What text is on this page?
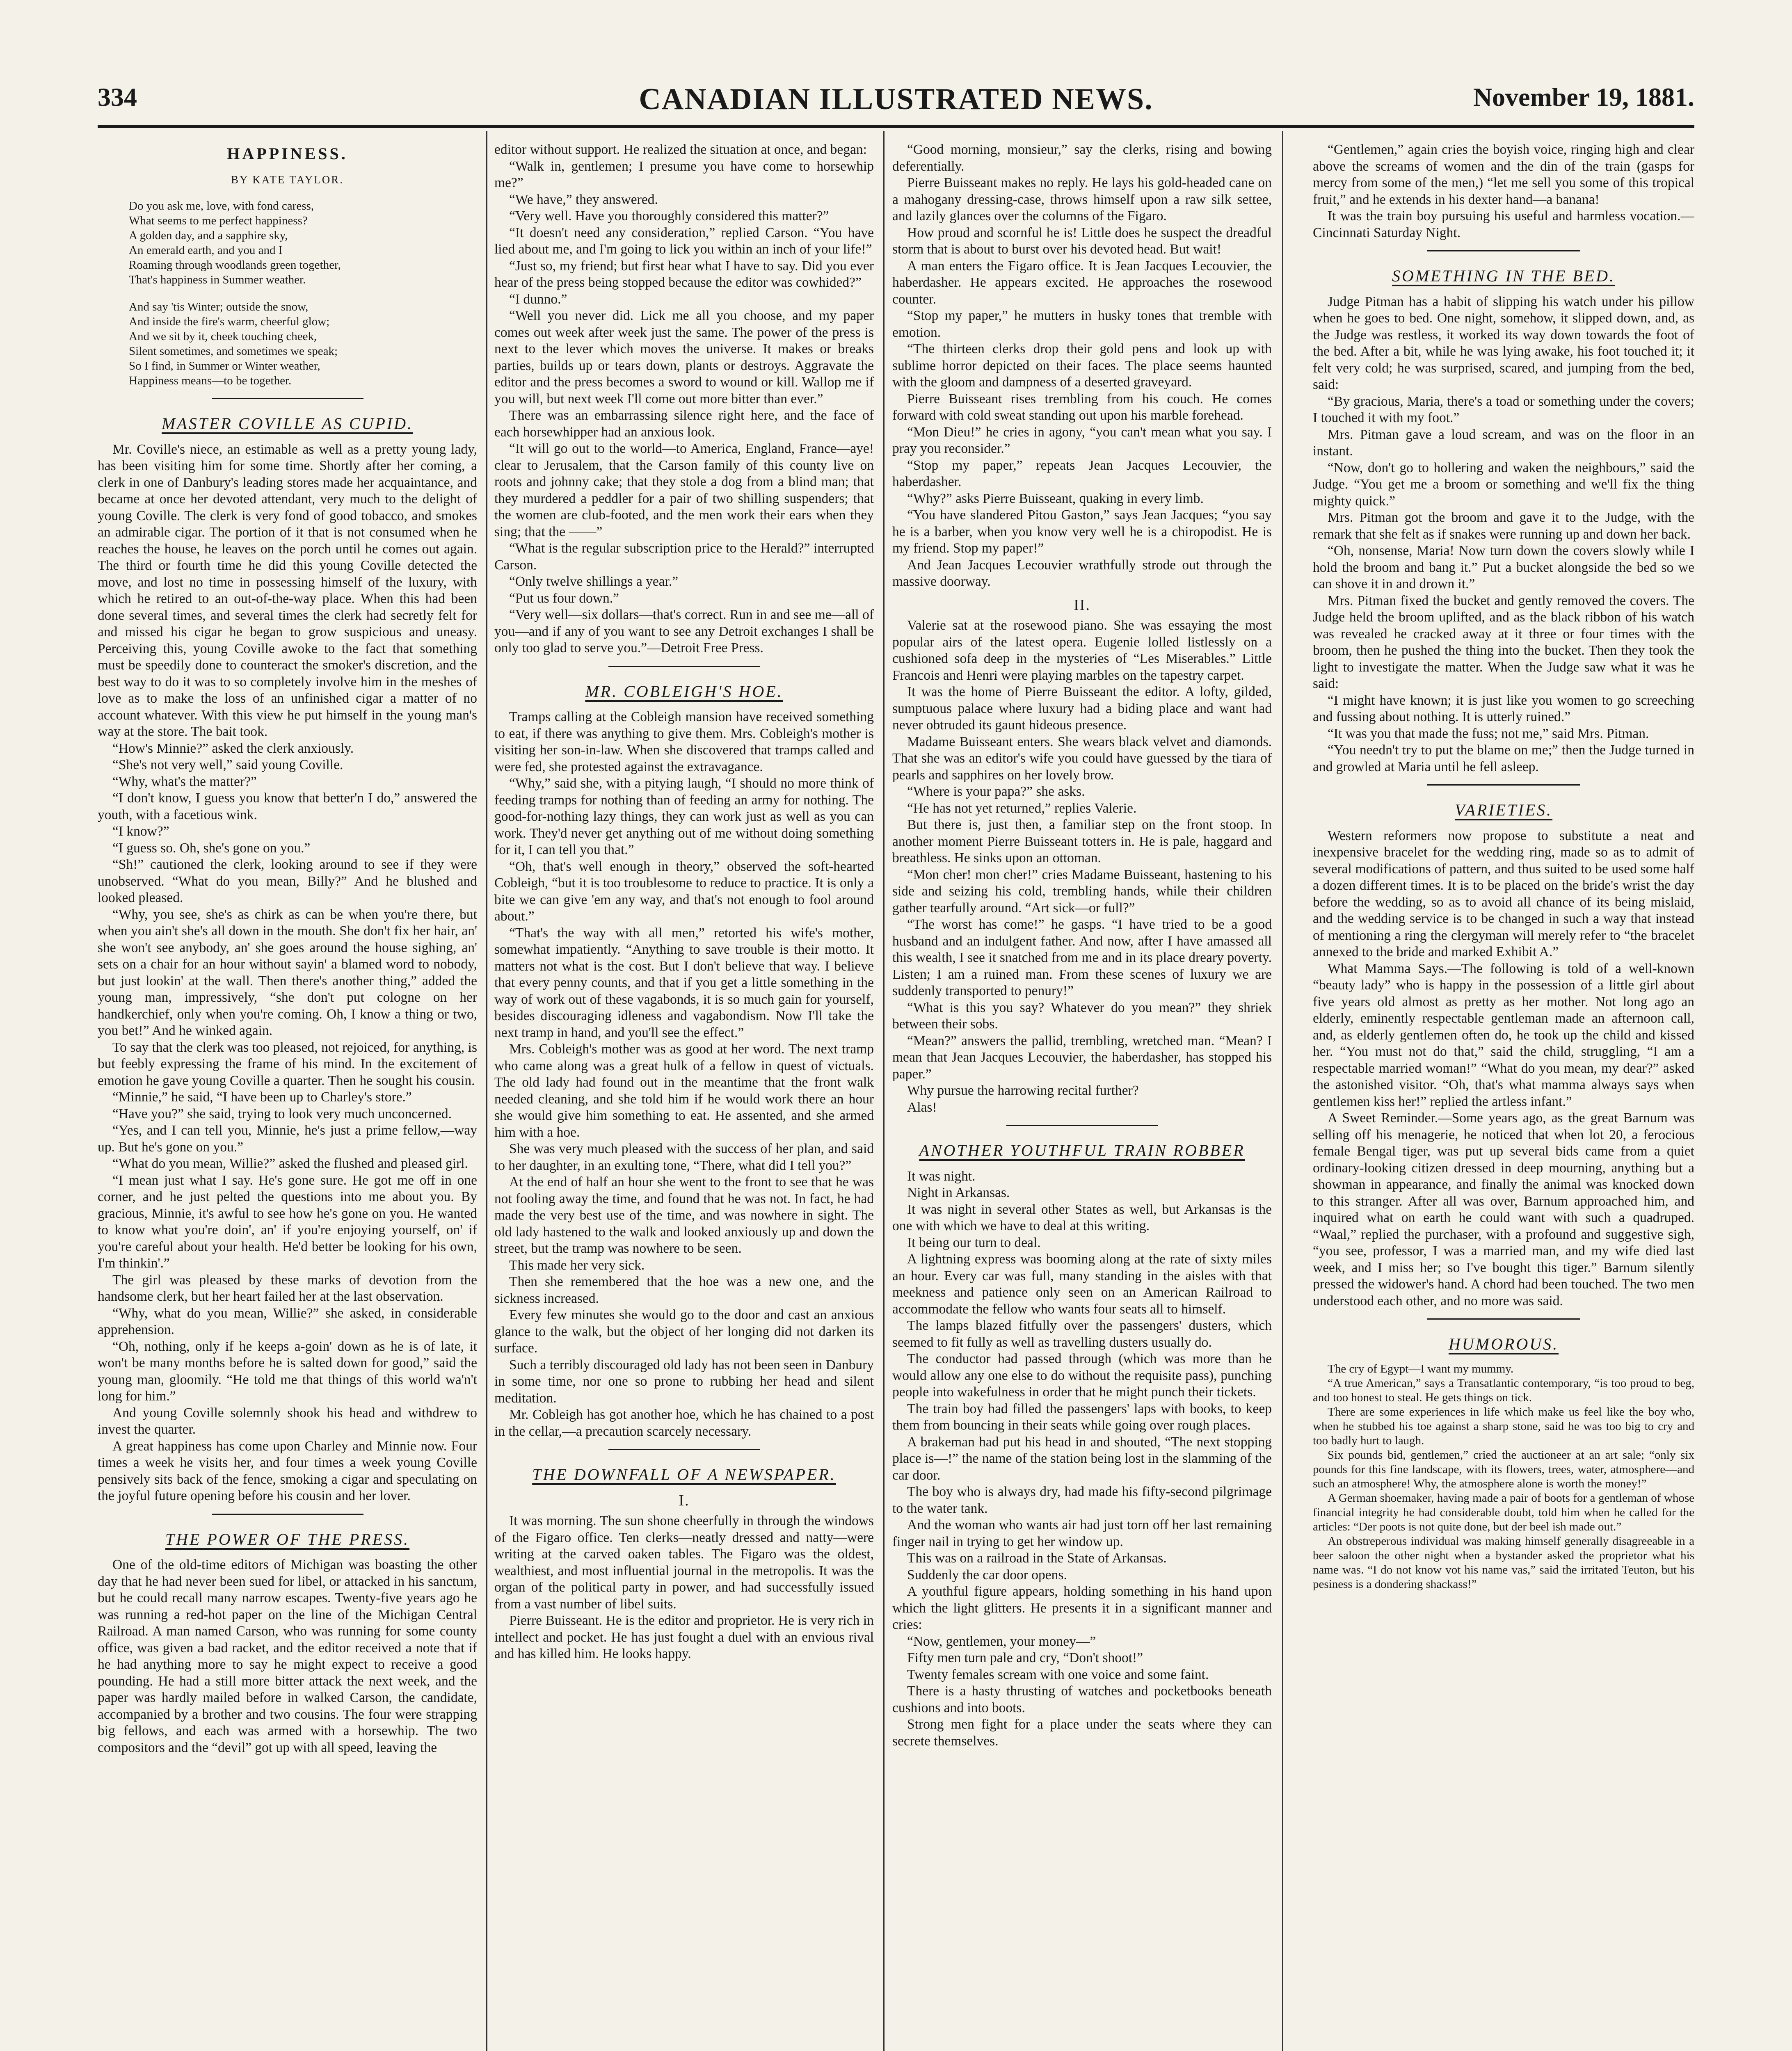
334	CANADIAN ILLUSTRATED NEWS.	November 19, 1881.
HAPPINESS.
BY KATE TAYLOR.

Do you ask me, love, with fond caress,

What seems to me perfect happiness?

A golden day, and a sapphire sky,

An emerald earth, and you and I

Roaming through woodlands green together,

That's happiness in Summer weather.

And say 'tis Winter; outside the snow,

And inside the fire's warm, cheerful glow;

And we sit by it, cheek touching cheek,

Silent sometimes, and sometimes we speak;

So I find, in Summer or Winter weather,

Happiness means—to be together.

MASTER COVILLE AS CUPID.

Mr. Coville's niece, an estimable as well as a pretty young lady, has been visiting him for some time. Shortly after her coming, a clerk in one of Danbury's leading stores made her acquaintance, and became at once her devoted attendant, very much to the delight of young Coville. The clerk is very fond of good tobacco, and smokes an admirable cigar. The portion of it that is not consumed when he reaches the house, he leaves on the porch until he comes out again. The third or fourth time he did this young Coville detected the move, and lost no time in possessing himself of the luxury, with which he retired to an out-of-the-way place. When this had been done several times, and several times the clerk had secretly felt for and missed his cigar he began to grow suspicious and uneasy. Perceiving this, young Coville awoke to the fact that something must be speedily done to counteract the smoker's discretion, and the best way to do it was to so completely involve him in the meshes of love as to make the loss of an unfinished cigar a matter of no account whatever. With this view he put himself in the young man's way at the store. The bait took.

“How's Minnie?” asked the clerk anxiously.

“She's not very well,” said young Coville.

“Why, what's the matter?”

“I don't know, I guess you know that better'n I do,” answered the youth, with a facetious wink.

“I know?”

“I guess so. Oh, she's gone on you.”

“Sh!” cautioned the clerk, looking around to see if they were unobserved. “What do you mean, Billy?” And he blushed and looked pleased.

“Why, you see, she's as chirk as can be when you're there, but when you ain't she's all down in the mouth. She don't fix her hair, an' she won't see anybody, an' she goes around the house sighing, an' sets on a chair for an hour without sayin' a blamed word to nobody, but just lookin' at the wall. Then there's another thing,” added the young man, impressively, “she don't put cologne on her handkerchief, only when you're coming. Oh, I know a thing or two, you bet!” And he winked again.

To say that the clerk was too pleased, not rejoiced, for anything, is but feebly expressing the frame of his mind. In the excitement of emotion he gave young Coville a quarter. Then he sought his cousin.

“Minnie,” he said, “I have been up to Charley's store.”

“Have you?” she said, trying to look very much unconcerned.

“Yes, and I can tell you, Minnie, he's just a prime fellow,—way up. But he's gone on you.”

“What do you mean, Willie?” asked the flushed and pleased girl.

“I mean just what I say. He's gone sure. He got me off in one corner, and he just pelted the questions into me about you. By gracious, Minnie, it's awful to see how he's gone on you. He wanted to know what you're doin', an' if you're enjoying yourself, on' if you're careful about your health. He'd better be looking for his own, I'm thinkin'.”

The girl was pleased by these marks of devotion from the handsome clerk, but her heart failed her at the last observation.

“Why, what do you mean, Willie?” she asked, in considerable apprehension.

“Oh, nothing, only if he keeps a-goin' down as he is of late, it won't be many months before he is salted down for good,” said the young man, gloomily. “He told me that things of this world wa'n't long for him.”

And young Coville solemnly shook his head and withdrew to invest the quarter.

A great happiness has come upon Charley and Minnie now. Four times a week he visits her, and four times a week young Coville pensively sits back of the fence, smoking a cigar and speculating on the joyful future opening before his cousin and her lover.

THE POWER OF THE PRESS.

One of the old-time editors of Michigan was boasting the other day that he had never been sued for libel, or attacked in his sanctum, but he could recall many narrow escapes. Twenty-five years ago he was running a red-hot paper on the line of the Michigan Central Railroad. A man named Carson, who was running for some county office, was given a bad racket, and the editor received a note that if he had anything more to say he might expect to receive a good pounding. He had a still more bitter attack the next week, and the paper was hardly mailed before in walked Carson, the candidate, accompanied by a brother and two cousins. The four were strapping big fellows, and each was armed with a horsewhip. The two compositors and the “devil” got up with all speed, leaving the

editor without support. He realized the situation at once, and began:

“Walk in, gentlemen; I presume you have come to horsewhip me?”

“We have,” they answered.

“Very well. Have you thoroughly considered this matter?”

“It doesn't need any consideration,” replied Carson. “You have lied about me, and I'm going to lick you within an inch of your life!”

“Just so, my friend; but first hear what I have to say. Did you ever hear of the press being stopped because the editor was cowhided?”

“I dunno.”

“Well you never did. Lick me all you choose, and my paper comes out week after week just the same. The power of the press is next to the lever which moves the universe. It makes or breaks parties, builds up or tears down, plants or destroys. Aggravate the editor and the press becomes a sword to wound or kill. Wallop me if you will, but next week I'll come out more bitter than ever.”

There was an embarrassing silence right here, and the face of each horsewhipper had an anxious look.

“It will go out to the world—to America, England, France—aye! clear to Jerusalem, that the Carson family of this county live on roots and johnny cake; that they stole a dog from a blind man; that they murdered a peddler for a pair of two shilling suspenders; that the women are club-footed, and the men work their ears when they sing; that the ——”

“What is the regular subscription price to the Herald?” interrupted Carson.

“Only twelve shillings a year.”

“Put us four down.”

“Very well—six dollars—that's correct. Run in and see me—all of you—and if any of you want to see any Detroit exchanges I shall be only too glad to serve you.”—Detroit Free Press.

MR. COBLEIGH'S HOE.

Tramps calling at the Cobleigh mansion have received something to eat, if there was anything to give them. Mrs. Cobleigh's mother is visiting her son-in-law. When she discovered that tramps called and were fed, she protested against the extravagance.

“Why,” said she, with a pitying laugh, “I should no more think of feeding tramps for nothing than of feeding an army for nothing. The good-for-nothing lazy things, they can work just as well as you can work. They'd never get anything out of me without doing something for it, I can tell you that.”

“Oh, that's well enough in theory,” observed the soft-hearted Cobleigh, “but it is too troublesome to reduce to practice. It is only a bite we can give 'em any way, and that's not enough to fool around about.”

“That's the way with all men,” retorted his wife's mother, somewhat impatiently. “Anything to save trouble is their motto. It matters not what is the cost. But I don't believe that way. I believe that every penny counts, and that if you get a little something in the way of work out of these vagabonds, it is so much gain for yourself, besides discouraging idleness and vagabondism. Now I'll take the next tramp in hand, and you'll see the effect.”

Mrs. Cobleigh's mother was as good at her word. The next tramp who came along was a great hulk of a fellow in quest of victuals. The old lady had found out in the meantime that the front walk needed cleaning, and she told him if he would work there an hour she would give him something to eat. He assented, and she armed him with a hoe.

She was very much pleased with the success of her plan, and said to her daughter, in an exulting tone, “There, what did I tell you?”

At the end of half an hour she went to the front to see that he was not fooling away the time, and found that he was not. In fact, he had made the very best use of the time, and was nowhere in sight. The old lady hastened to the walk and looked anxiously up and down the street, but the tramp was nowhere to be seen.

This made her very sick.

Then she remembered that the hoe was a new one, and the sickness increased.

Every few minutes she would go to the door and cast an anxious glance to the walk, but the object of her longing did not darken its surface.

Such a terribly discouraged old lady has not been seen in Danbury in some time, nor one so prone to rubbing her head and silent meditation.

Mr. Cobleigh has got another hoe, which he has chained to a post in the cellar,—a precaution scarcely necessary.

THE DOWNFALL OF A NEWSPAPER.
I.

It was morning. The sun shone cheerfully in through the windows of the Figaro office. Ten clerks—neatly dressed and natty—were writing at the carved oaken tables. The Figaro was the oldest, wealthiest, and most influential journal in the metropolis. It was the organ of the political party in power, and had successfully issued from a vast number of libel suits.

Pierre Buisseant. He is the editor and proprietor. He is very rich in intellect and pocket. He has just fought a duel with an envious rival and has killed him. He looks happy.

“Good morning, monsieur,” say the clerks, rising and bowing deferentially.

Pierre Buisseant makes no reply. He lays his gold-headed cane on a mahogany dressing-case, throws himself upon a raw silk settee, and lazily glances over the columns of the Figaro.

How proud and scornful he is! Little does he suspect the dreadful storm that is about to burst over his devoted head. But wait!

A man enters the Figaro office. It is Jean Jacques Lecouvier, the haberdasher. He appears excited. He approaches the rosewood counter.

“Stop my paper,” he mutters in husky tones that tremble with emotion.

“The thirteen clerks drop their gold pens and look up with sublime horror depicted on their faces. The place seems haunted with the gloom and dampness of a deserted graveyard.

Pierre Buisseant rises trembling from his couch. He comes forward with cold sweat standing out upon his marble forehead.

“Mon Dieu!” he cries in agony, “you can't mean what you say. I pray you reconsider.”

“Stop my paper,” repeats Jean Jacques Lecouvier, the haberdasher.

“Why?” asks Pierre Buisseant, quaking in every limb.

“You have slandered Pitou Gaston,” says Jean Jacques; “you say he is a barber, when you know very well he is a chiropodist. He is my friend. Stop my paper!”

And Jean Jacques Lecouvier wrathfully strode out through the massive doorway.

II.

Valerie sat at the rosewood piano. She was essaying the most popular airs of the latest opera. Eugenie lolled listlessly on a cushioned sofa deep in the mysteries of “Les Miserables.” Little Francois and Henri were playing marbles on the tapestry carpet.

It was the home of Pierre Buisseant the editor. A lofty, gilded, sumptuous palace where luxury had a biding place and want had never obtruded its gaunt hideous presence.

Madame Buisseant enters. She wears black velvet and diamonds. That she was an editor's wife you could have guessed by the tiara of pearls and sapphires on her lovely brow.

“Where is your papa?” she asks.

“He has not yet returned,” replies Valerie.

But there is, just then, a familiar step on the front stoop. In another moment Pierre Buisseant totters in. He is pale, haggard and breathless. He sinks upon an ottoman.

“Mon cher! mon cher!” cries Madame Buisseant, hastening to his side and seizing his cold, trembling hands, while their children gather tearfully around. “Art sick—or full?”

“The worst has come!” he gasps. “I have tried to be a good husband and an indulgent father. And now, after I have amassed all this wealth, I see it snatched from me and in its place dreary poverty. Listen; I am a ruined man. From these scenes of luxury we are suddenly transported to penury!”

“What is this you say? Whatever do you mean?” they shriek between their sobs.

“Mean?” answers the pallid, trembling, wretched man. “Mean? I mean that Jean Jacques Lecouvier, the haberdasher, has stopped his paper.”

Why pursue the harrowing recital further?

Alas!

ANOTHER YOUTHFUL TRAIN ROBBER

It was night.

Night in Arkansas.

It was night in several other States as well, but Arkansas is the one with which we have to deal at this writing.

It being our turn to deal.

A lightning express was booming along at the rate of sixty miles an hour. Every car was full, many standing in the aisles with that meekness and patience only seen on an American Railroad to accommodate the fellow who wants four seats all to himself.

The lamps blazed fitfully over the passengers' dusters, which seemed to fit fully as well as travelling dusters usually do.

The conductor had passed through (which was more than he would allow any one else to do without the requisite pass), punching people into wakefulness in order that he might punch their tickets.

The train boy had filled the passengers' laps with books, to keep them from bouncing in their seats while going over rough places.

A brakeman had put his head in and shouted, “The next stopping place is—!” the name of the station being lost in the slamming of the car door.

The boy who is always dry, had made his fifty-second pilgrimage to the water tank.

And the woman who wants air had just torn off her last remaining finger nail in trying to get her window up.

This was on a railroad in the State of Arkansas.

Suddenly the car door opens.

A youthful figure appears, holding something in his hand upon which the light glitters. He presents it in a significant manner and cries:

“Now, gentlemen, your money—”

Fifty men turn pale and cry, “Don't shoot!”

Twenty females scream with one voice and some faint.

There is a hasty thrusting of watches and pocketbooks beneath cushions and into boots.

Strong men fight for a place under the seats where they can secrete themselves.

“Gentlemen,” again cries the boyish voice, ringing high and clear above the screams of women and the din of the train (gasps for mercy from some of the men,) “let me sell you some of this tropical fruit,” and he extends in his dexter hand—a banana!

It was the train boy pursuing his useful and harmless vocation.—Cincinnati Saturday Night.

SOMETHING IN THE BED.

Judge Pitman has a habit of slipping his watch under his pillow when he goes to bed. One night, somehow, it slipped down, and, as the Judge was restless, it worked its way down towards the foot of the bed. After a bit, while he was lying awake, his foot touched it; it felt very cold; he was surprised, scared, and jumping from the bed, said:

“By gracious, Maria, there's a toad or something under the covers; I touched it with my foot.”

Mrs. Pitman gave a loud scream, and was on the floor in an instant.

“Now, don't go to hollering and waken the neighbours,” said the Judge. “You get me a broom or something and we'll fix the thing mighty quick.”

Mrs. Pitman got the broom and gave it to the Judge, with the remark that she felt as if snakes were running up and down her back.

“Oh, nonsense, Maria! Now turn down the covers slowly while I hold the broom and bang it.” Put a bucket alongside the bed so we can shove it in and drown it.”

Mrs. Pitman fixed the bucket and gently removed the covers. The Judge held the broom uplifted, and as the black ribbon of his watch was revealed he cracked away at it three or four times with the broom, then he pushed the thing into the bucket. Then they took the light to investigate the matter. When the Judge saw what it was he said:

“I might have known; it is just like you women to go screeching and fussing about nothing. It is utterly ruined.”

“It was you that made the fuss; not me,” said Mrs. Pitman.

“You needn't try to put the blame on me;” then the Judge turned in and growled at Maria until he fell asleep.

VARIETIES.

Western reformers now propose to substitute a neat and inexpensive bracelet for the wedding ring, made so as to admit of several modifications of pattern, and thus suited to be used some half a dozen different times. It is to be placed on the bride's wrist the day before the wedding, so as to avoid all chance of its being mislaid, and the wedding service is to be changed in such a way that instead of mentioning a ring the clergyman will merely refer to “the bracelet annexed to the bride and marked Exhibit A.”

What Mamma Says.—The following is told of a well-known “beauty lady” who is happy in the possession of a little girl about five years old almost as pretty as her mother. Not long ago an elderly, eminently respectable gentleman made an afternoon call, and, as elderly gentlemen often do, he took up the child and kissed her. “You must not do that,” said the child, struggling, “I am a respectable married woman!” “What do you mean, my dear?” asked the astonished visitor. “Oh, that's what mamma always says when gentlemen kiss her!” replied the artless infant.”

A Sweet Reminder.—Some years ago, as the great Barnum was selling off his menagerie, he noticed that when lot 20, a ferocious female Bengal tiger, was put up several bids came from a quiet ordinary-looking citizen dressed in deep mourning, anything but a showman in appearance, and finally the animal was knocked down to this stranger. After all was over, Barnum approached him, and inquired what on earth he could want with such a quadruped. “Waal,” replied the purchaser, with a profound and suggestive sigh, “you see, professor, I was a married man, and my wife died last week, and I miss her; so I've bought this tiger.” Barnum silently pressed the widower's hand. A chord had been touched. The two men understood each other, and no more was said.

HUMOROUS.

The cry of Egypt—I want my mummy.

“A true American,” says a Transatlantic contemporary, “is too proud to beg, and too honest to steal. He gets things on tick.

There are some experiences in life which make us feel like the boy who, when he stubbed his toe against a sharp stone, said he was too big to cry and too badly hurt to laugh.

Six pounds bid, gentlemen,” cried the auctioneer at an art sale; “only six pounds for this fine landscape, with its flowers, trees, water, atmosphere—and such an atmosphere! Why, the atmosphere alone is worth the money!”

A German shoemaker, having made a pair of boots for a gentleman of whose financial integrity he had considerable doubt, told him when he called for the articles: “Der poots is not quite done, but der beel ish made out.”

An obstreperous individual was making himself generally disagreeable in a beer saloon the other night when a bystander asked the proprietor what his name was. “I do not know vot his name vas,” said the irritated Teuton, but his pesiness is a dondering shackass!”
